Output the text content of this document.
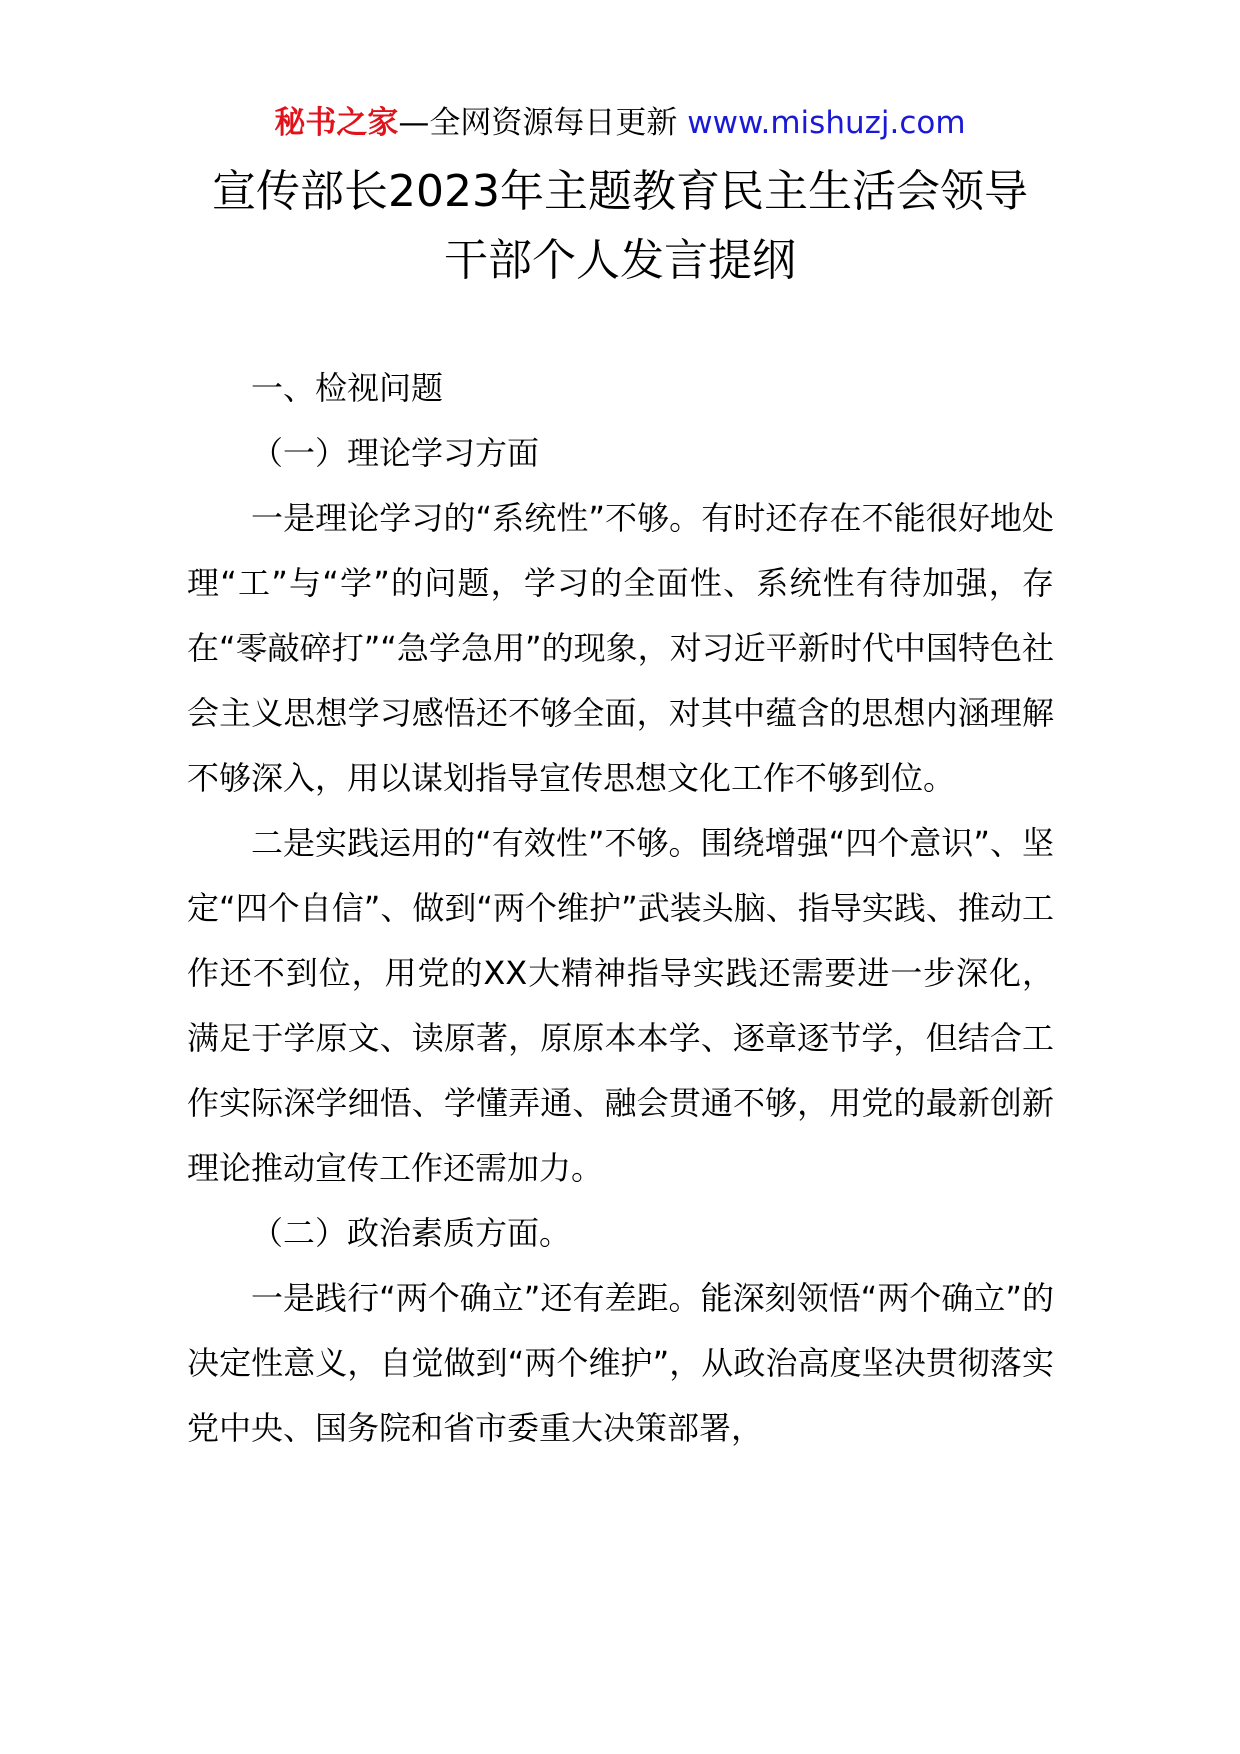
秘书之家—全网资源每日更新 www.mishuzj.com
宣传部长2023年主题教育民主生活会领导
干部个人发言提纲

一、检视问题

（一）理论学习方面

一是理论学习的“系统性”不够。有时还存在不能很好地处理“工”与“学”的问题，学习的全面性、系统性有待加强，存在“零敲碎打”“急学急用”的现象，对习近平新时代中国特色社会主义思想学习感悟还不够全面，对其中蕴含的思想内涵理解不够深入，用以谋划指导宣传思想文化工作不够到位。

二是实践运用的“有效性”不够。围绕增强“四个意识”、坚定“四个自信”、做到“两个维护”武装头脑、指导实践、推动工作还不到位，用党的XX大精神指导实践还需要进一步深化，满足于学原文、读原著，原原本本学、逐章逐节学，但结合工作实际深学细悟、学懂弄通、融会贯通不够，用党的最新创新理论推动宣传工作还需加力。

（二）政治素质方面。

一是践行“两个确立”还有差距。能深刻领悟“两个确立”的决定性意义，自觉做到“两个维护”，从政治高度坚决贯彻落实党中央、国务院和省市委重大决策部署，
